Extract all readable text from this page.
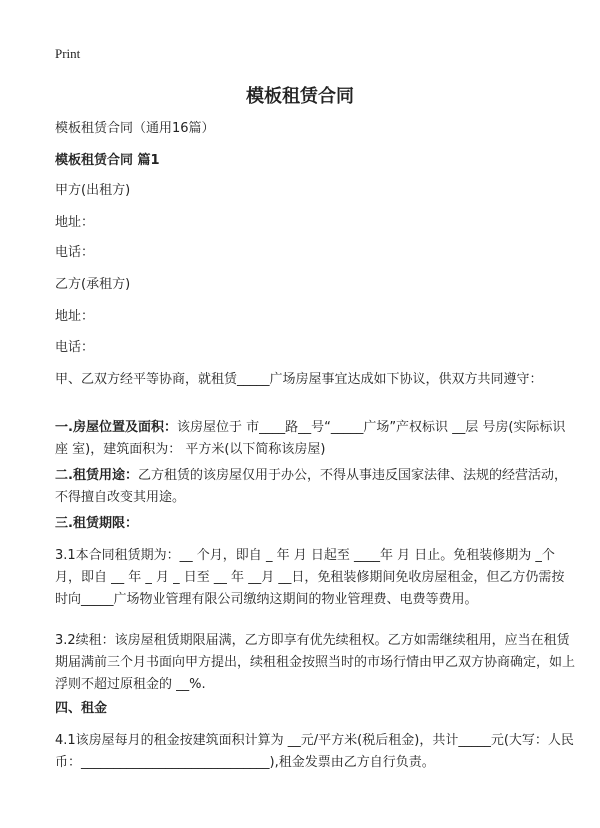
Print
模板租赁合同

模板租赁合同（通用16篇）

模板租赁合同 篇1

甲方(出租方)

地址：

电话：

乙方(承租方)

地址：

电话：

甲、乙双方经平等协商，就租赁_____广场房屋事宜达成如下协议，供双方共同遵守：

一.房屋位置及面积：该房屋位于 市____路__号“_____广场”产权标识 __层 号房(实际标识 座 室)，建筑面积为： 平方米(以下简称该房屋)

二.租赁用途：乙方租赁的该房屋仅用于办公，不得从事违反国家法律、法规的经营活动，不得擅自改变其用途。

三.租赁期限：

3.1本合同租赁期为：__ 个月，即自 _ 年 月 日起至 ____年 月 日止。免租装修期为 _个月，即自 __ 年 _ 月 _ 日至 __ 年 __月 __日，免租装修期间免收房屋租金，但乙方仍需按时向_____广场物业管理有限公司缴纳这期间的物业管理费、电费等费用。

3.2续租：该房屋租赁期限届满，乙方即享有优先续租权。乙方如需继续租用，应当在租赁期届满前三个月书面向甲方提出，续租租金按照当时的市场行情由甲乙双方协商确定，如上浮则不超过原租金的 __%.

四、租金

4.1该房屋每月的租金按建筑面积计算为 __元/平方米(税后租金)，共计_____元(大写：人民币：_____________________________),租金发票由乙方自行负责。
